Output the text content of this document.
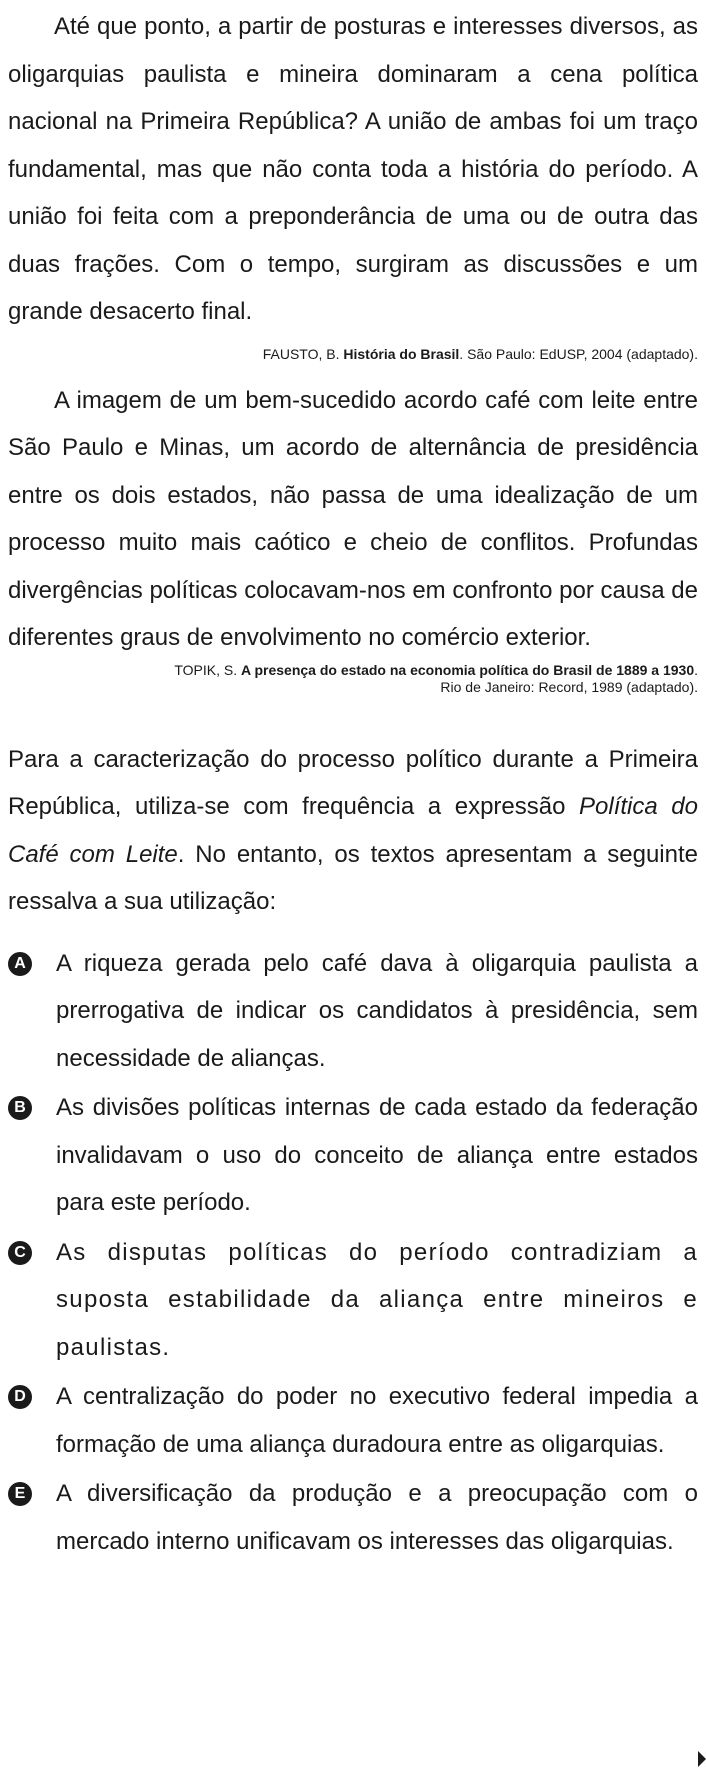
Até que ponto, a partir de posturas e interesses diversos, as oligarquias paulista e mineira dominaram a cena política nacional na Primeira República? A união de ambas foi um traço fundamental, mas que não conta toda a história do período. A união foi feita com a preponderância de uma ou de outra das duas frações. Com o tempo, surgiram as discussões e um grande desacerto final.

FAUSTO, B. História do Brasil. São Paulo: EdUSP, 2004 (adaptado).

A imagem de um bem-sucedido acordo café com leite entre São Paulo e Minas, um acordo de alternância de presidência entre os dois estados, não passa de uma idealização de um processo muito mais caótico e cheio de conflitos. Profundas divergências políticas colocavam-nos em confronto por causa de diferentes graus de envolvimento no comércio exterior.

TOPIK, S. A presença do estado na economia política do Brasil de 1889 a 1930.
Rio de Janeiro: Record, 1989 (adaptado).

Para a caracterização do processo político durante a Primeira República, utiliza-se com frequência a expressão Política do Café com Leite. No entanto, os textos apresentam a seguinte ressalva a sua utilização:

A A riqueza gerada pelo café dava à oligarquia paulista a prerrogativa de indicar os candidatos à presidência, sem necessidade de alianças.

B As divisões políticas internas de cada estado da federação invalidavam o uso do conceito de aliança entre estados para este período.

C As disputas políticas do período contradiziam a suposta estabilidade da aliança entre mineiros e paulistas.

D A centralização do poder no executivo federal impedia a formação de uma aliança duradoura entre as oligarquias.

E A diversificação da produção e a preocupação com o mercado interno unificavam os interesses das oligarquias.
